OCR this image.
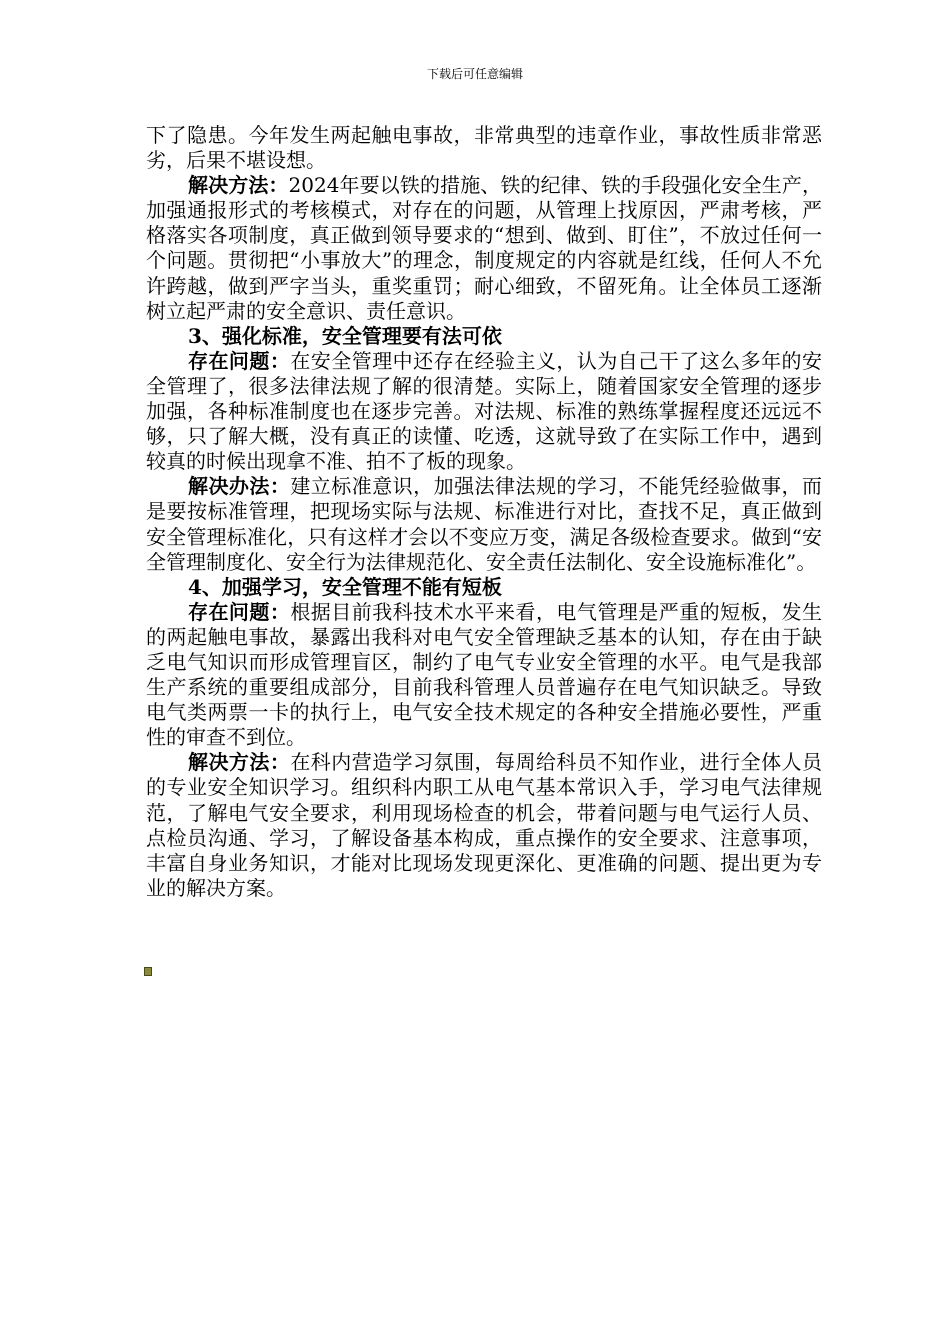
下载后可任意编辑

下了隐患。今年发生两起触电事故，非常典型的违章作业，事故性质非常恶劣，后果不堪设想。

解决方法：2024年要以铁的措施、铁的纪律、铁的手段强化安全生产，加强通报形式的考核模式，对存在的问题，从管理上找原因，严肃考核，严格落实各项制度，真正做到领导要求的“想到、做到、盯住”，不放过任何一个问题。贯彻把“小事放大”的理念，制度规定的内容就是红线，任何人不允许跨越，做到严字当头，重奖重罚；耐心细致，不留死角。让全体员工逐渐树立起严肃的安全意识、责任意识。

3、强化标准，安全管理要有法可依

存在问题：在安全管理中还存在经验主义，认为自己干了这么多年的安全管理了，很多法律法规了解的很清楚。实际上，随着国家安全管理的逐步加强，各种标准制度也在逐步完善。对法规、标准的熟练掌握程度还远远不够，只了解大概，没有真正的读懂、吃透，这就导致了在实际工作中，遇到较真的时候出现拿不准、拍不了板的现象。

解决办法：建立标准意识，加强法律法规的学习，不能凭经验做事，而是要按标准管理，把现场实际与法规、标准进行对比，查找不足，真正做到安全管理标准化，只有这样才会以不变应万变，满足各级检查要求。做到“安全管理制度化、安全行为法律规范化、安全责任法制化、安全设施标准化”。

4、加强学习，安全管理不能有短板

存在问题：根据目前我科技术水平来看，电气管理是严重的短板，发生的两起触电事故，暴露出我科对电气安全管理缺乏基本的认知，存在由于缺乏电气知识而形成管理盲区，制约了电气专业安全管理的水平。电气是我部生产系统的重要组成部分，目前我科管理人员普遍存在电气知识缺乏。导致电气类两票一卡的执行上，电气安全技术规定的各种安全措施必要性，严重性的审查不到位。

解决方法：在科内营造学习氛围，每周给科员不知作业，进行全体人员的专业安全知识学习。组织科内职工从电气基本常识入手，学习电气法律规范，了解电气安全要求，利用现场检查的机会，带着问题与电气运行人员、点检员沟通、学习，了解设备基本构成，重点操作的安全要求、注意事项，丰富自身业务知识，才能对比现场发现更深化、更准确的问题、提出更为专业的解决方案。
